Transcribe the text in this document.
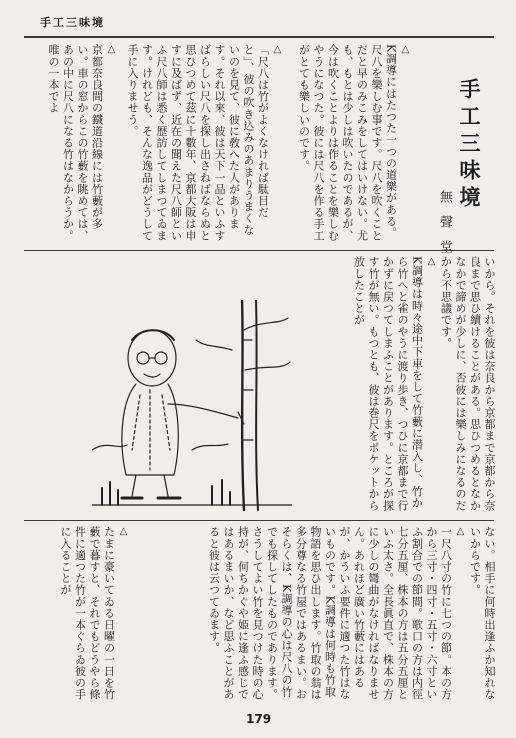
手工三味境
手工三味境
無聲堂
△
K調導にはたつた一つの道樂がある。尺八を樂しむ事です。尺八を吹くことだと早のみこみをしてはいけない。尤も、もとは少しは吹いたのであるが、今は吹くことよりは作ることを樂しむやうになつた。彼には尺八を作る手工がとても樂しいのです。
△
「尺八は竹がよくなければ駄目だと」、彼の吹き込みのあまりうまくないのを見て、彼に敎へた人があります。それ以來、彼は天下一品といふすばらしい尺八を探し出さねばならぬと思ひつめて茲に十數年、京都大阪は申すに及ばず、近在の聞えた尺八師といふ尺八師は悉く歴訪してしまつてゐます。けれども、そんな逸品がどうして手に入りませう。
△
京都奈良間の鐵道沿線には竹藪が多い。車の窓からこの竹藪を眺めては、あの中に尺八になる竹はなからうか。唯の一本でよ
いから。それを彼は奈良から京都まで京都から奈良まで思ひ續けることがある。思ひつめるとなかなかで諦めが少しに、否彼には樂しみになるのだから不思議です。
△
K調導は時々途中下車をして竹藪に潜入し、竹から竹へと雀のやうに渡り歩き、つひに京都まで行かずに戻つてしまふことがあります。ところが探す竹が無い。もつとも、彼は巻尺をポケットから放したことが
ない。相手に何時出逢ふか知れないからです。
△
一尺八寸の竹に七つの節。本の方から三寸・四寸・五寸・六寸といふ割合での節間。歌口の方は内徑七分五厘、株本の方は五分五厘といふ太さ。全長眞直で、株本の方に少しの彎曲がなければなりません。あれほど廣い竹藪にはあるが、かういふ要件に適つた竹はないものです。K調導は何時も竹取物語を思ひ出します。竹取の翁は多分尊なる竹屋ではあるまい。おそらくは、K調導の心は尺八の竹でも探してしたものであります。さうしてよい竹を見つけた時の心持が、何ちかぐや姫に逢ふ感じではあるまいか、など思ふことがあると彼は云つてゐます。
△
たまに豪いてゐる日曜の一日を竹藪で暮すと、それでもどうやら條件に適つた竹が一本ぐらゐ彼の手に入ることが
179
